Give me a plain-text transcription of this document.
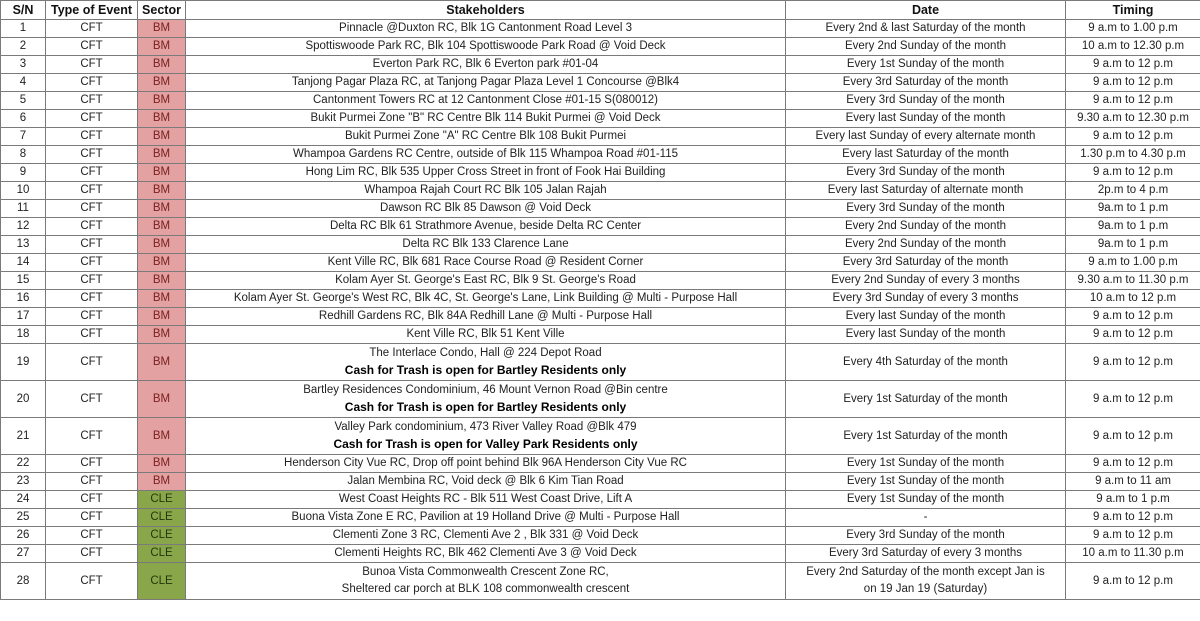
S/N	Type of Event	Sector	Stakeholders	Date	Timing
1	CFT	BM	Pinnacle @Duxton RC, Blk 1G Cantonment Road Level 3	Every 2nd & last Saturday of the month	9 a.m to 1.00 p.m
2	CFT	BM	Spottiswoode Park RC, Blk 104 Spottiswoode Park Road @ Void Deck	Every 2nd Sunday of the month	10 a.m to 12.30 p.m
3	CFT	BM	Everton Park RC, Blk 6 Everton park #01-04	Every 1st Sunday of the month	9 a.m to 12 p.m
4	CFT	BM	Tanjong Pagar Plaza RC, at Tanjong Pagar Plaza Level 1 Concourse @Blk4	Every 3rd Saturday of the month	9 a.m to 12 p.m
5	CFT	BM	Cantonment Towers RC at 12 Cantonment Close #01-15 S(080012)	Every 3rd Sunday of the month	9 a.m to 12 p.m
6	CFT	BM	Bukit Purmei Zone "B" RC Centre Blk 114 Bukit Purmei @ Void Deck	Every last Sunday of the month	9.30 a.m to 12.30 p.m
7	CFT	BM	Bukit Purmei Zone "A" RC Centre Blk 108 Bukit Purmei	Every last Sunday of every alternate month	9 a.m to 12 p.m
8	CFT	BM	Whampoa Gardens RC Centre, outside of Blk 115 Whampoa Road #01-115	Every last Saturday of the month	1.30 p.m to 4.30 p.m
9	CFT	BM	Hong Lim RC, Blk 535 Upper Cross Street in front of Fook Hai Building	Every 3rd Sunday of the month	9 a.m to 12 p.m
10	CFT	BM	Whampoa Rajah Court RC Blk 105 Jalan Rajah	Every last Saturday of alternate month	2p.m to 4 p.m
11	CFT	BM	Dawson RC Blk 85 Dawson @ Void Deck	Every 3rd Sunday of the month	9a.m to 1 p.m
12	CFT	BM	Delta RC Blk 61 Strathmore Avenue, beside Delta RC Center	Every 2nd Sunday of the month	9a.m to 1 p.m
13	CFT	BM	Delta RC Blk 133 Clarence Lane	Every 2nd Sunday of the month	9a.m to 1 p.m
14	CFT	BM	Kent Ville RC, Blk 681 Race Course Road @ Resident Corner	Every 3rd Saturday of the month	9 a.m to 1.00 p.m
15	CFT	BM	Kolam Ayer St. George's East RC, Blk 9 St. George's Road	Every 2nd Sunday of every 3 months	9.30 a.m to 11.30 p.m
16	CFT	BM	Kolam Ayer St. George's West RC, Blk 4C, St. George's Lane, Link Building @ Multi - Purpose Hall	Every 3rd Sunday of every 3 months	10 a.m to 12 p.m
17	CFT	BM	Redhill Gardens RC, Blk 84A Redhill Lane @ Multi - Purpose Hall	Every last Sunday of the month	9 a.m to 12 p.m
18	CFT	BM	Kent Ville RC, Blk 51 Kent Ville	Every last Sunday of the month	9 a.m to 12 p.m
19	CFT	BM	The Interlace Condo, Hall @ 224 Depot Road
Cash for Trash is open for Bartley Residents only	Every 4th Saturday of the month	9 a.m to 12 p.m
20	CFT	BM	Bartley Residences Condominium, 46 Mount Vernon Road @Bin centre
Cash for Trash is open for Bartley Residents only	Every 1st Saturday of the month	9 a.m to 12 p.m
21	CFT	BM	Valley Park condominium, 473 River Valley Road @Blk 479
Cash for Trash is open for Valley Park Residents only	Every 1st Saturday of the month	9 a.m to 12 p.m
22	CFT	BM	Henderson City Vue RC, Drop off point behind Blk 96A Henderson City Vue RC	Every 1st Sunday of the month	9 a.m to 12 p.m
23	CFT	BM	Jalan Membina RC, Void deck @ Blk 6 Kim Tian Road	Every 1st Sunday of the month	9 a.m to 11 am
24	CFT	CLE	West Coast Heights RC - Blk 511 West Coast Drive, Lift A	Every 1st Sunday of the month	9 a.m to 1 p.m
25	CFT	CLE	Buona Vista Zone E RC, Pavilion at 19 Holland Drive @ Multi - Purpose Hall	-	9 a.m to 12 p.m
26	CFT	CLE	Clementi Zone 3 RC, Clementi Ave 2 , Blk 331 @ Void Deck	Every 3rd Sunday of the month	9 a.m to 12 p.m
27	CFT	CLE	Clementi Heights RC, Blk 462 Clementi Ave 3 @ Void Deck	Every 3rd Saturday of every 3 months	10 a.m to 11.30 p.m
28	CFT	CLE	Bunoa Vista Commonwealth Crescent Zone RC,
Sheltered car porch at BLK 108 commonwealth crescent	Every 2nd Saturday of the month except Jan is
on 19 Jan 19 (Saturday)	9 a.m to 12 p.m
